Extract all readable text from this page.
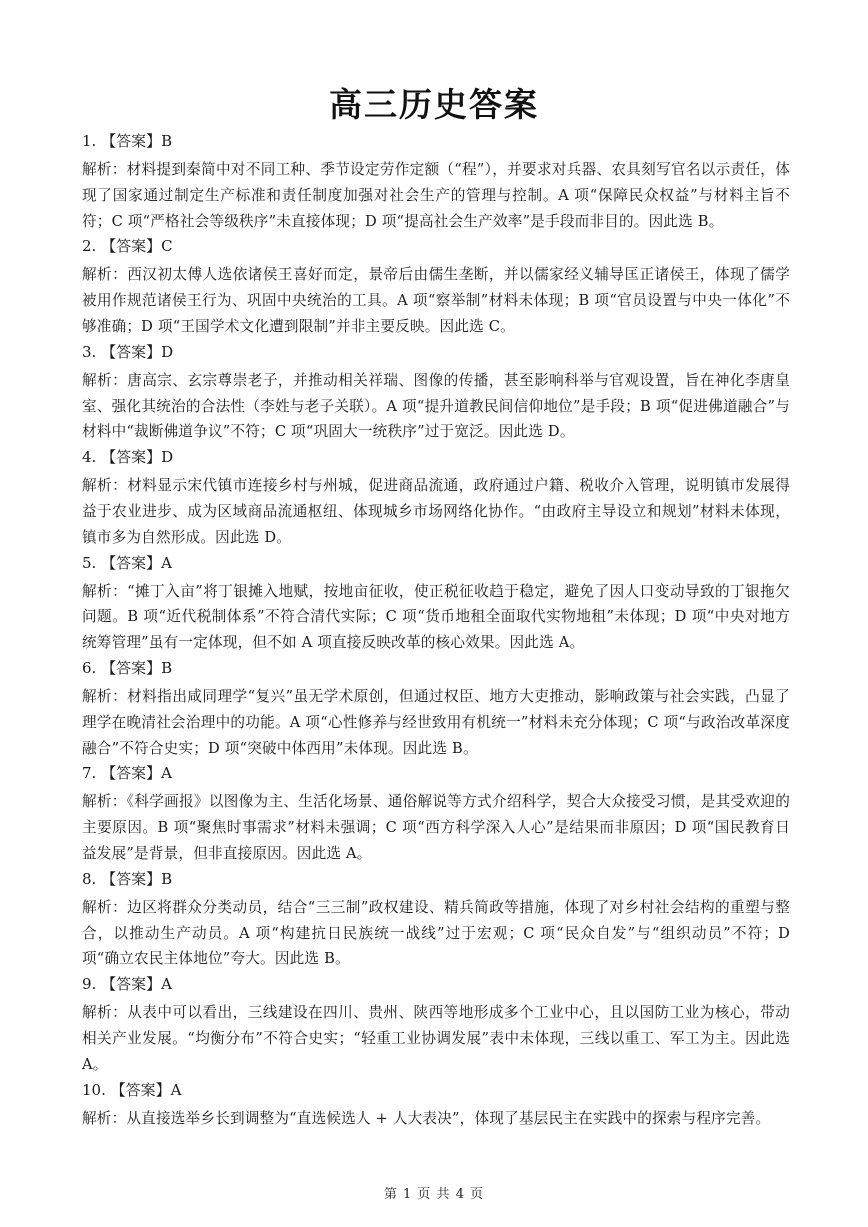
高三历史答案
1. 【答案】B
解析：材料提到秦简中对不同工种、季节设定劳作定额（“程”），并要求对兵器、农具刻写官名以示责任，体现了国家通过制定生产标准和责任制度加强对社会生产的管理与控制。A 项“保障民众权益”与材料主旨不符；C 项“严格社会等级秩序”未直接体现；D 项“提高社会生产效率”是手段而非目的。因此选 B。
2. 【答案】C
解析：西汉初太傅人选依诸侯王喜好而定，景帝后由儒生垄断，并以儒家经义辅导匡正诸侯王，体现了儒学被用作规范诸侯王行为、巩固中央统治的工具。A 项“察举制”材料未体现；B 项“官员设置与中央一体化”不够准确；D 项“王国学术文化遭到限制”并非主要反映。因此选 C。
3. 【答案】D
解析：唐高宗、玄宗尊崇老子，并推动相关祥瑞、图像的传播，甚至影响科举与官观设置，旨在神化李唐皇室、强化其统治的合法性（李姓与老子关联）。A 项“提升道教民间信仰地位”是手段；B 项“促进佛道融合”与材料中“裁断佛道争议”不符；C 项“巩固大一统秩序”过于宽泛。因此选 D。
4. 【答案】D
解析：材料显示宋代镇市连接乡村与州城，促进商品流通，政府通过户籍、税收介入管理，说明镇市发展得益于农业进步、成为区域商品流通枢纽、体现城乡市场网络化协作。“由政府主导设立和规划”材料未体现，镇市多为自然形成。因此选 D。
5. 【答案】A
解析：“摊丁入亩”将丁银摊入地赋，按地亩征收，使正税征收趋于稳定，避免了因人口变动导致的丁银拖欠问题。B 项“近代税制体系”不符合清代实际；C 项“货币地租全面取代实物地租”未体现；D 项“中央对地方统筹管理”虽有一定体现，但不如 A 项直接反映改革的核心效果。因此选 A。
6. 【答案】B
解析：材料指出咸同理学“复兴”虽无学术原创，但通过权臣、地方大吏推动，影响政策与社会实践，凸显了理学在晚清社会治理中的功能。A 项“心性修养与经世致用有机统一”材料未充分体现；C 项“与政治改革深度融合”不符合史实；D 项“突破中体西用”未体现。因此选 B。
7. 【答案】A
解析：《科学画报》以图像为主、生活化场景、通俗解说等方式介绍科学，契合大众接受习惯，是其受欢迎的主要原因。B 项“聚焦时事需求”材料未强调；C 项“西方科学深入人心”是结果而非原因；D 项“国民教育日益发展”是背景，但非直接原因。因此选 A。
8. 【答案】B
解析：边区将群众分类动员，结合“三三制”政权建设、精兵简政等措施，体现了对乡村社会结构的重塑与整合，以推动生产动员。A 项“构建抗日民族统一战线”过于宏观；C 项“民众自发”与“组织动员”不符；D 项“确立农民主体地位”夸大。因此选 B。
9. 【答案】A
解析：从表中可以看出，三线建设在四川、贵州、陕西等地形成多个工业中心，且以国防工业为核心，带动相关产业发展。“均衡分布”不符合史实；“轻重工业协调发展”表中未体现，三线以重工、军工为主。因此选 A。
10. 【答案】A
解析：从直接选举乡长到调整为“直选候选人 + 人大表决”，体现了基层民主在实践中的探索与程序完善。
第 1 页 共 4 页
